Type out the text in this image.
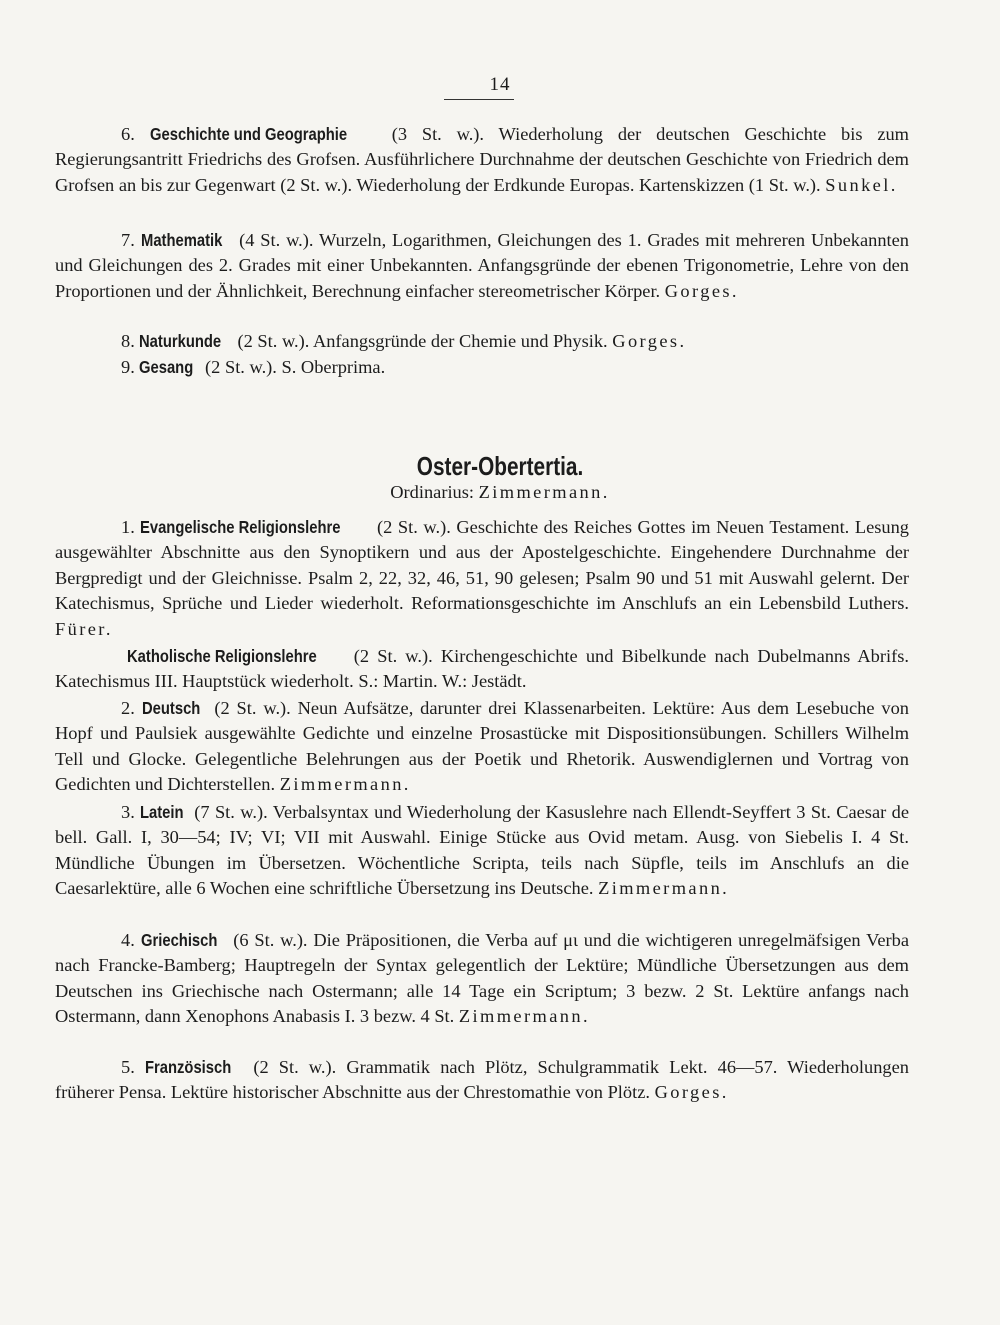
14
6. Geschichte und Geographie (3 St. w.). Wiederholung der deutschen Geschichte bis zum Regierungsantritt Friedrichs des Grofsen. Ausführlichere Durchnahme der deutschen Geschichte von Friedrich dem Grofsen an bis zur Gegenwart (2 St. w.). Wiederholung der Erdkunde Europas. Kartenskizzen (1 St. w.). Sunkel.
7. Mathematik (4 St. w.). Wurzeln, Logarithmen, Gleichungen des 1. Grades mit mehreren Unbekannten und Gleichungen des 2. Grades mit einer Unbekannten. Anfangsgründe der ebenen Trigonometrie, Lehre von den Proportionen und der Ähnlichkeit, Berechnung einfacher stereometrischer Körper. Gorges.
8. Naturkunde (2 St. w.). Anfangsgründe der Chemie und Physik. Gorges.
9. Gesang (2 St. w.). S. Oberprima.
Oster-Obertertia.
Ordinarius: Zimmermann.
1. Evangelische Religionslehre (2 St. w.). Geschichte des Reiches Gottes im Neuen Testament. Lesung ausgewählter Abschnitte aus den Synoptikern und aus der Apostelgeschichte. Eingehendere Durchnahme der Bergpredigt und der Gleichnisse. Psalm 2, 22, 32, 46, 51, 90 gelesen; Psalm 90 und 51 mit Auswahl gelernt. Der Katechismus, Sprüche und Lieder wiederholt. Reformationsgeschichte im Anschlufs an ein Lebensbild Luthers. Fürer.
Katholische Religionslehre (2 St. w.). Kirchengeschichte und Bibelkunde nach Dubelmanns Abrifs. Katechismus III. Hauptstück wiederholt. S.: Martin. W.: Jestädt.
2. Deutsch (2 St. w.). Neun Aufsätze, darunter drei Klassenarbeiten. Lektüre: Aus dem Lesebuche von Hopf und Paulsiek ausgewählte Gedichte und einzelne Prosastücke mit Dispositionsübungen. Schillers Wilhelm Tell und Glocke. Gelegentliche Belehrungen aus der Poetik und Rhetorik. Auswendiglernen und Vortrag von Gedichten und Dichterstellen. Zimmermann.
3. Latein (7 St. w.). Verbalsyntax und Wiederholung der Kasuslehre nach Ellendt-Seyffert 3 St. Caesar de bell. Gall. I, 30—54; IV; VI; VII mit Auswahl. Einige Stücke aus Ovid metam. Ausg. von Siebelis I. 4 St. Mündliche Übungen im Übersetzen. Wöchentliche Scripta, teils nach Süpfle, teils im Anschlufs an die Caesarlektüre, alle 6 Wochen eine schriftliche Übersetzung ins Deutsche. Zimmermann.
4. Griechisch (6 St. w.). Die Präpositionen, die Verba auf μι und die wichtigeren unregelmäfsigen Verba nach Francke-Bamberg; Hauptregeln der Syntax gelegentlich der Lektüre; Mündliche Übersetzungen aus dem Deutschen ins Griechische nach Ostermann; alle 14 Tage ein Scriptum; 3 bezw. 2 St. Lektüre anfangs nach Ostermann, dann Xenophons Anabasis I. 3 bezw. 4 St. Zimmermann.
5. Französisch (2 St. w.). Grammatik nach Plötz, Schulgrammatik Lekt. 46—57. Wiederholungen früherer Pensa. Lektüre historischer Abschnitte aus der Chrestomathie von Plötz. Gorges.
